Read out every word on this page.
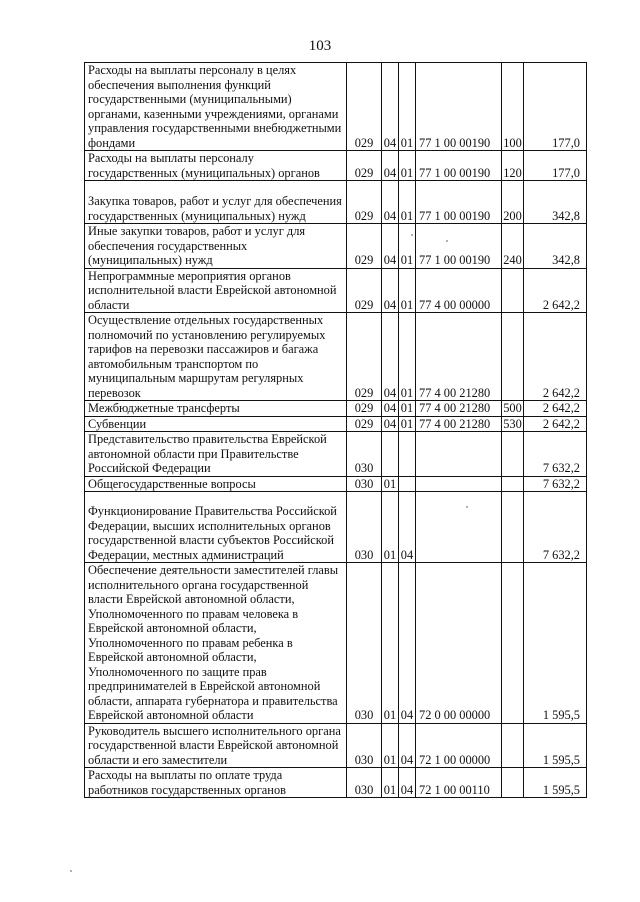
103
Расходы на выплаты персоналу в целях обеспечения выполнения функций государственными (муниципальными) органами, казенными учреждениями, органами управления государственными внебюджетными фондами	029	04	01	77 1 00 00190	100	177,0
Расходы на выплаты персоналу государственных (муниципальных) органов	029	04	01	77 1 00 00190	120	177,0
Закупка товаров, работ и услуг для обеспечения государственных (муниципальных) нужд	029	04	01	77 1 00 00190	200	342,8
Иные закупки товаров, работ и услуг для обеспечения государственных (муниципальных) нужд	029	04	01	77 1 00 00190	240	342,8
Непрограммные мероприятия органов исполнительной власти Еврейской автономной области	029	04	01	77 4 00 00000		2 642,2
Осуществление отдельных государственных полномочий по установлению регулируемых тарифов на перевозки пассажиров и багажа автомобильным транспортом по муниципальным маршрутам регулярных перевозок	029	04	01	77 4 00 21280		2 642,2
Межбюджетные трансферты	029	04	01	77 4 00 21280	500	2 642,2
Субвенции	029	04	01	77 4 00 21280	530	2 642,2
Представительство правительства Еврейской автономной области при Правительстве Российской Федерации	030					7 632,2
Общегосударственные вопросы	030	01				7 632,2
Функционирование Правительства Российской Федерации, высших исполнительных органов государственной власти субъектов Российской Федерации, местных администраций	030	01	04			7 632,2
Обеспечение деятельности заместителей главы исполнительного органа государственной власти Еврейской автономной области, Уполномоченного по правам человека в Еврейской автономной области, Уполномоченного по правам ребенка в Еврейской автономной области, Уполномоченного по защите прав предпринимателей в Еврейской автономной области, аппарата губернатора и правительства Еврейской автономной области	030	01	04	72 0 00 00000		1 595,5
Руководитель высшего исполнительного органа государственной власти Еврейской автономной области и его заместители	030	01	04	72 1 00 00000		1 595,5
Расходы на выплаты по оплате труда работников государственных органов	030	01	04	72 1 00 00110		1 595,5
